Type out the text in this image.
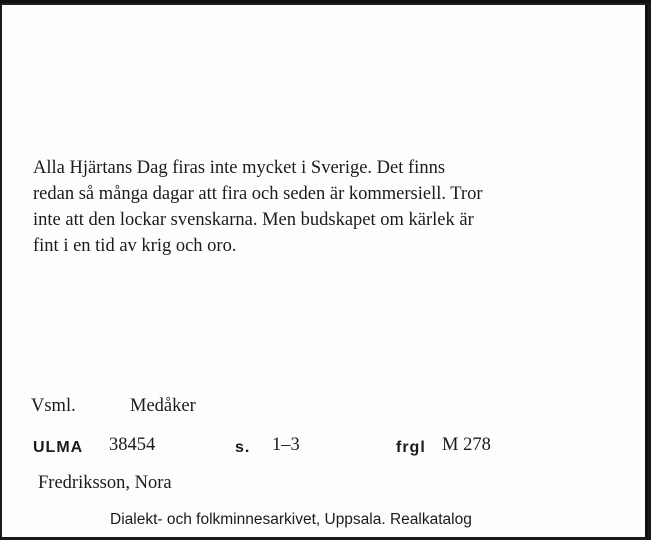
Alla Hjärtans Dag firas inte mycket i Sverige. Det finns
redan så många dagar att fira och seden är kommersiell. Tror
inte att den lockar svenskarna. Men budskapet om kärlek är
fint i en tid av krig och oro.
Vsml.	Medåker
ULMA 38454	s. 1–3	frgl M 278
Fredriksson, Nora
Dialekt- och folkminnesarkivet, Uppsala. Realkatalog
